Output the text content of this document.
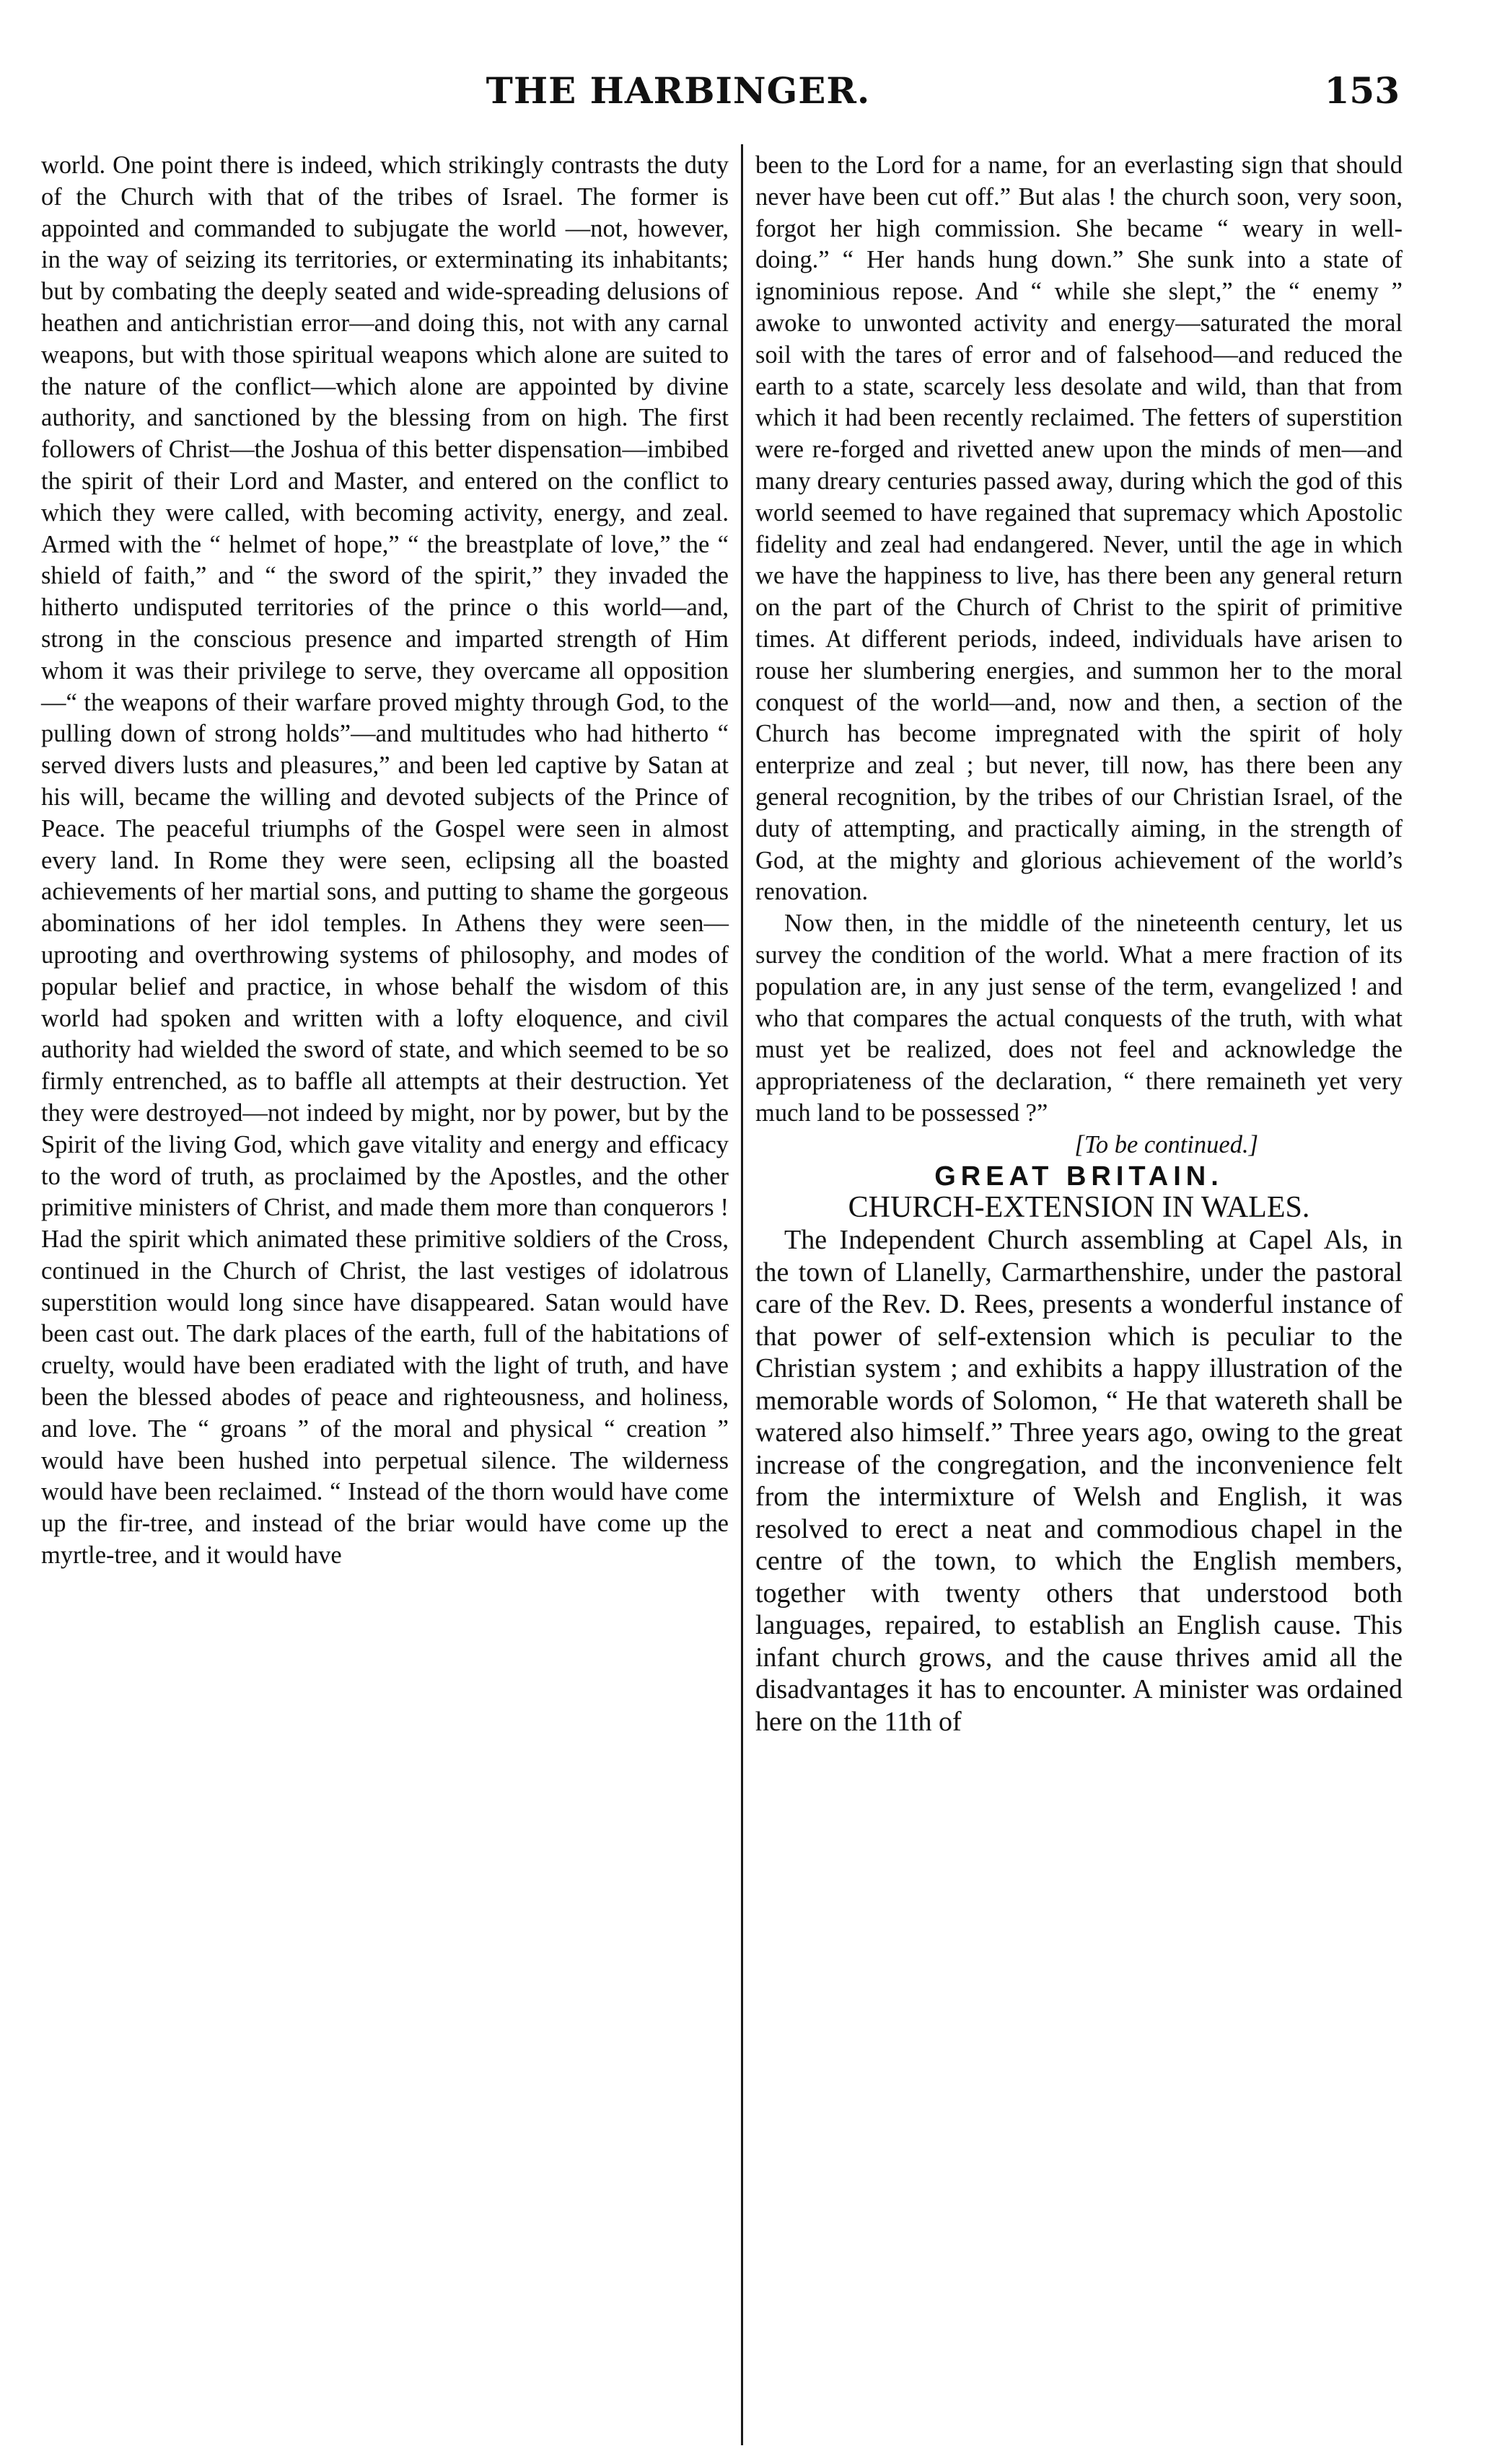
THE HARBINGER.	153

world. One point there is indeed, which strikingly contrasts the duty of the Church with that of the tribes of Israel. The former is appointed and commanded to subjugate the world —not, however, in the way of seizing its territories, or exterminating its inhabitants; but by combating the deeply seated and wide-spreading delusions of heathen and antichristian error—and doing this, not with any carnal weapons, but with those spiritual weapons which alone are suited to the nature of the conflict—which alone are appointed by divine authority, and sanctioned by the blessing from on high. The first followers of Christ—the Joshua of this better dispensation—imbibed the spirit of their Lord and Master, and entered on the conflict to which they were called, with becoming activity, energy, and zeal. Armed with the “ helmet of hope,” “ the breastplate of love,” the “ shield of faith,” and “ the sword of the spirit,” they invaded the hitherto undisputed territories of the prince o this world—and, strong in the conscious presence and imparted strength of Him whom it was their privilege to serve, they overcame all opposition—“ the weapons of their warfare proved mighty through God, to the pulling down of strong holds”—and multitudes who had hitherto “ served divers lusts and pleasures,” and been led captive by Satan at his will, became the willing and devoted subjects of the Prince of Peace. The peaceful triumphs of the Gospel were seen in almost every land. In Rome they were seen, eclipsing all the boasted achievements of her martial sons, and putting to shame the gorgeous abominations of her idol temples. In Athens they were seen—uprooting and overthrowing systems of philosophy, and modes of popular belief and practice, in whose behalf the wisdom of this world had spoken and written with a lofty eloquence, and civil authority had wielded the sword of state, and which seemed to be so firmly entrenched, as to baffle all attempts at their destruction. Yet they were destroyed—not indeed by might, nor by power, but by the Spirit of the living God, which gave vitality and energy and efficacy to the word of truth, as proclaimed by the Apostles, and the other primitive ministers of Christ, and made them more than conquerors ! Had the spirit which animated these primitive soldiers of the Cross, continued in the Church of Christ, the last vestiges of idolatrous superstition would long since have disappeared. Satan would have been cast out. The dark places of the earth, full of the habitations of cruelty, would have been eradiated with the light of truth, and have been the blessed abodes of peace and righteousness, and holiness, and love. The “ groans ” of the moral and physical “ creation ” would have been hushed into perpetual silence. The wilderness would have been reclaimed. “ Instead of the thorn would have come up the fir-tree, and instead of the briar would have come up the myrtle-tree, and it would have

been to the Lord for a name, for an everlasting sign that should never have been cut off.” But alas ! the church soon, very soon, forgot her high commission. She became “ weary in well-doing.” “ Her hands hung down.” She sunk into a state of ignominious repose. And “ while she slept,” the “ enemy ” awoke to unwonted activity and energy—saturated the moral soil with the tares of error and of falsehood—and reduced the earth to a state, scarcely less desolate and wild, than that from which it had been recently reclaimed. The fetters of superstition were re-forged and rivetted anew upon the minds of men—and many dreary centuries passed away, during which the god of this world seemed to have regained that supremacy which Apostolic fidelity and zeal had endangered. Never, until the age in which we have the happiness to live, has there been any general return on the part of the Church of Christ to the spirit of primitive times. At different periods, indeed, individuals have arisen to rouse her slumbering energies, and summon her to the moral conquest of the world—and, now and then, a section of the Church has become impregnated with the spirit of holy enterprize and zeal ; but never, till now, has there been any general recognition, by the tribes of our Christian Israel, of the duty of attempting, and practically aiming, in the strength of God, at the mighty and glorious achievement of the world’s renovation.

Now then, in the middle of the nineteenth century, let us survey the condition of the world. What a mere fraction of its population are, in any just sense of the term, evangelized ! and who that compares the actual conquests of the truth, with what must yet be realized, does not feel and acknowledge the appropriateness of the declaration, “ there remaineth yet very much land to be possessed ?”

[To be continued.]

GREAT BRITAIN.

CHURCH-EXTENSION IN WALES.

The Independent Church assembling at Capel Als, in the town of Llanelly, Carmarthenshire, under the pastoral care of the Rev. D. Rees, presents a wonderful instance of that power of self-extension which is peculiar to the Christian system ; and exhibits a happy illustration of the memorable words of Solomon, “ He that watereth shall be watered also himself.” Three years ago, owing to the great increase of the congregation, and the inconvenience felt from the intermixture of Welsh and English, it was resolved to erect a neat and commodious chapel in the centre of the town, to which the English members, together with twenty others that understood both languages, repaired, to establish an English cause. This infant church grows, and the cause thrives amid all the disadvantages it has to encounter. A minister was ordained here on the 11th of
